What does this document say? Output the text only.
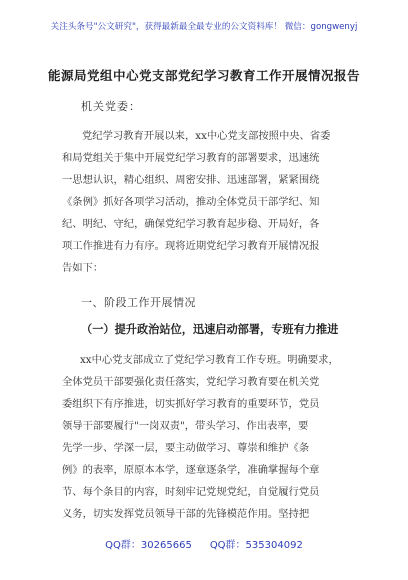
关注头条号"公文研究"，获得最新最全最专业的公文资料库！ 微信：gongwenyj
能源局党组中心党支部党纪学习教育工作开展情况报告
机关党委：
党纪学习教育开展以来，xx中心党支部按照中央、省委
和局党组关于集中开展党纪学习教育的部署要求，迅速统
一思想认识，精心组织、周密安排、迅速部署，紧紧围绕
《条例》抓好各项学习活动，推动全体党员干部学纪、知
纪、明纪、守纪，确保党纪学习教育起步稳、开局好，各
项工作推进有力有序。现将近期党纪学习教育开展情况报
告如下：
一、阶段工作开展情况
（一）提升政治站位，迅速启动部署，专班有力推进
xx中心党支部成立了党纪学习教育工作专班。明确要求，
全体党员干部要强化责任落实，党纪学习教育要在机关党
委组织下有序推进，切实抓好学习教育的重要环节，党员
领导干部要履行"一岗双责"，带头学习、作出表率，要
先学一步、学深一层，要主动做学习、尊崇和维护《条
例》的表率，原原本本学，逐章逐条学，准确掌握每个章
节、每个条目的内容，时刻牢记党规党纪，自觉履行党员
义务，切实发挥党员领导干部的先锋模范作用。坚持把
QQ群：30265665 QQ群：535304092
